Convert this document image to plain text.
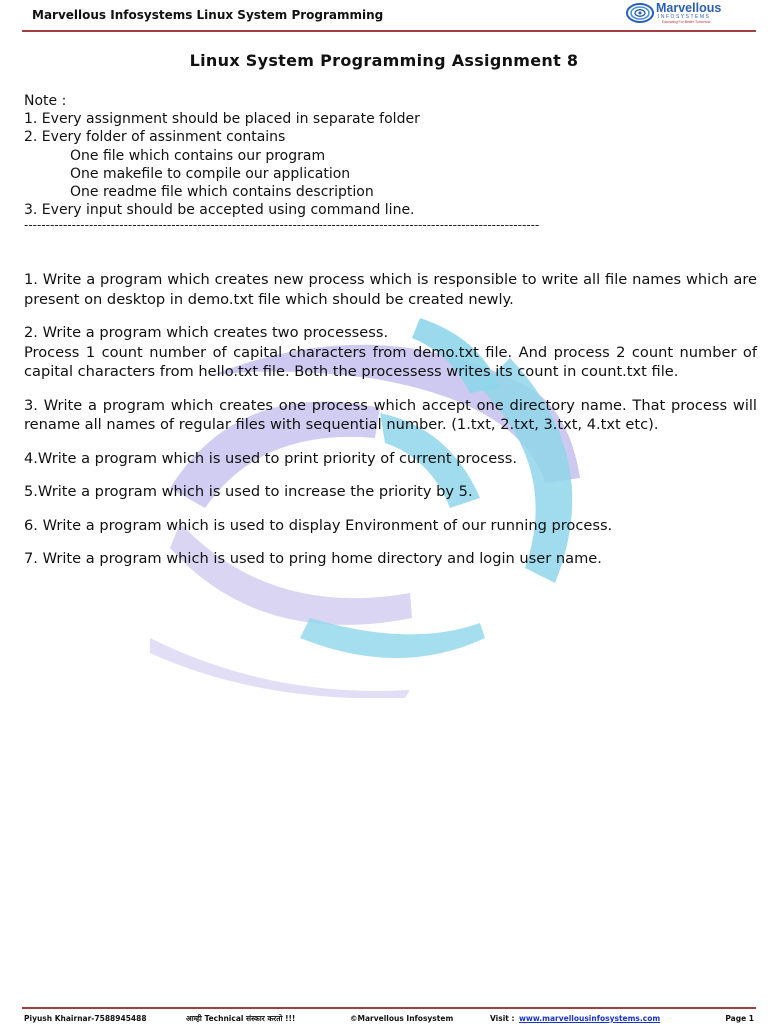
Marvellous Infosystems Linux System Programming	Marvellous
INFOSYSTEMS
Educating For Better Tomorrow
Linux System Programming Assignment 8
Note :
1. Every assignment should be placed in separate folder
2. Every folder of assinment contains
One file which contains our program
One makefile to compile our application
One readme file which contains description
3. Every input should be accepted using command line.
-----------------------------------------------------------------------------------------------------------------------

1. Write a program which creates new process which is responsible to write all file names which are present on desktop in demo.txt file which should be created newly.

2. Write a program which creates two processess.

Process 1 count number of capital characters from demo.txt file. And process 2 count number of capital characters from hello.txt file. Both the processess writes its count in count.txt file.

3. Write a program which creates one process which accept one directory name. That process will rename all names of regular files with sequential number. (1.txt, 2.txt, 3.txt, 4.txt etc).

4.Write a program which is used to print priority of current process.

5.Write a program which is used to increase the priority by 5.

6. Write a program which is used to display Environment of our running process.

7. Write a program which is used to pring home directory and login user name.

Piyush Khairnar-7588945488	आम्ही Technical संस्कार करतो !!!	©Marvellous Infosystem	Visit : www.marvellousinfosystems.com	Page 1
